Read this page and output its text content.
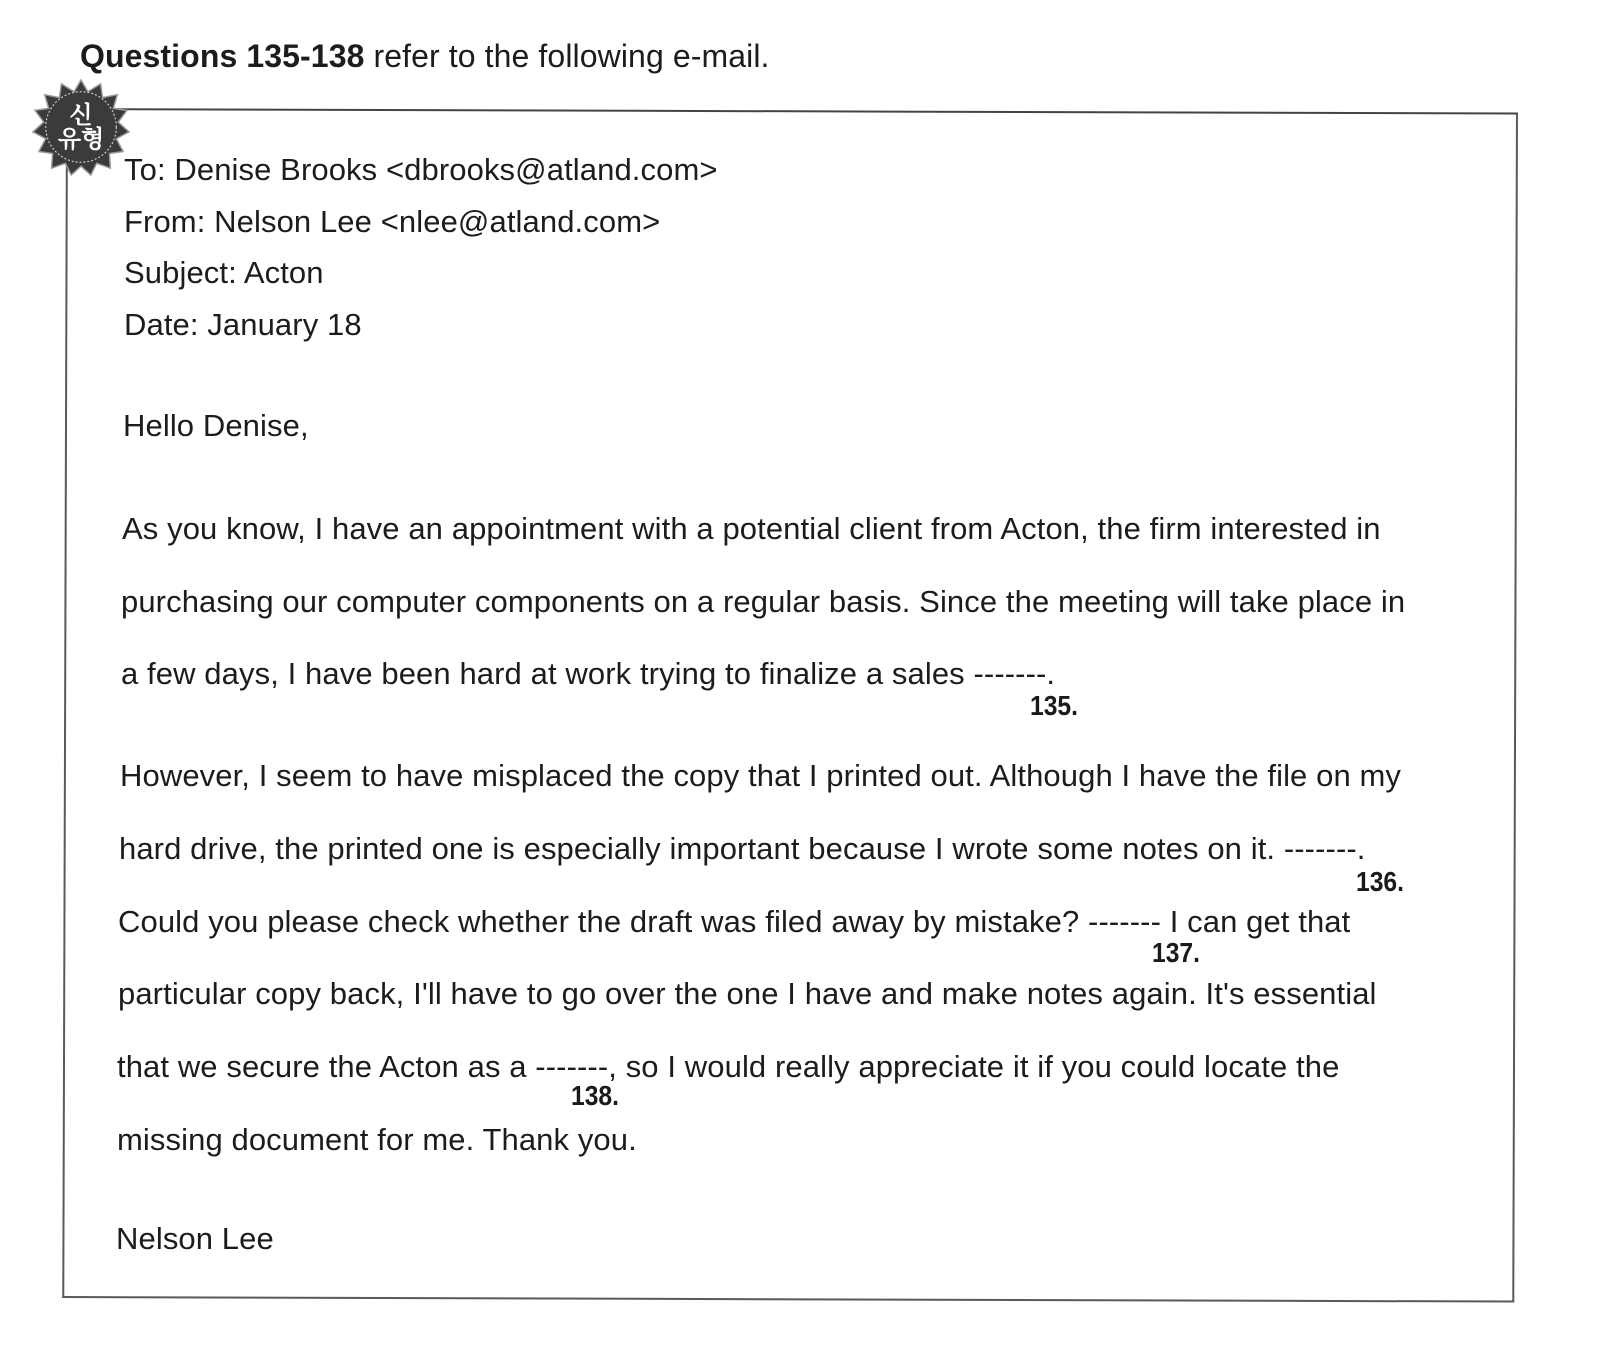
Questions 135-138 refer to the following e-mail.
신
유형
To: Denise Brooks <dbrooks@atland.com>
From: Nelson Lee <nlee@atland.com>
Subject: Acton
Date: January 18
Hello Denise,
As you know, I have an appointment with a potential client from Acton, the firm interested in
purchasing our computer components on a regular basis. Since the meeting will take place in
a few days, I have been hard at work trying to finalize a sales -------.
135.
However, I seem to have misplaced the copy that I printed out. Although I have the file on my
hard drive, the printed one is especially important because I wrote some notes on it. -------.
136.
Could you please check whether the draft was filed away by mistake? ------- I can get that
137.
particular copy back, I'll have to go over the one I have and make notes again. It's essential
that we secure the Acton as a -------, so I would really appreciate it if you could locate the
138.
missing document for me. Thank you.
Nelson Lee
